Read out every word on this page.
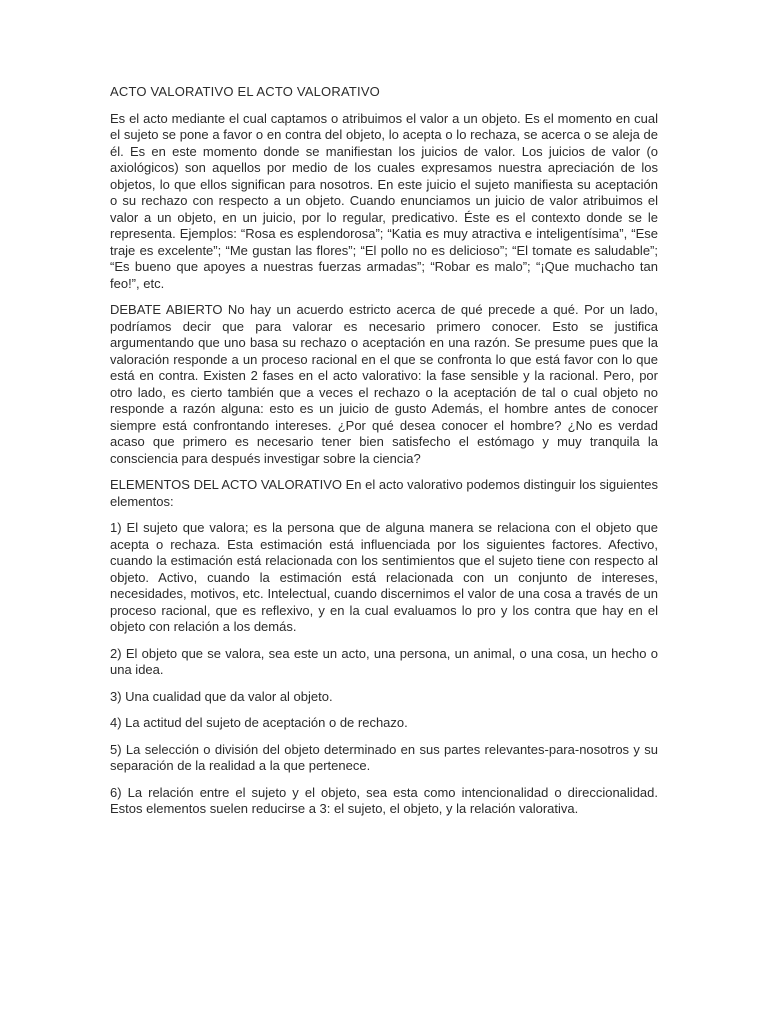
ACTO VALORATIVO EL ACTO VALORATIVO

Es el acto mediante el cual captamos o atribuimos el valor a un objeto. Es el momento en cual el sujeto se pone a favor o en contra del objeto, lo acepta o lo rechaza, se acerca o se aleja de él. Es en este momento donde se manifiestan los juicios de valor. Los juicios de valor (o axiológicos) son aquellos por medio de los cuales expresamos nuestra apreciación de los objetos, lo que ellos significan para nosotros. En este juicio el sujeto manifiesta su aceptación o su rechazo con respecto a un objeto. Cuando enunciamos un juicio de valor atribuimos el valor a un objeto, en un juicio, por lo regular, predicativo. Éste es el contexto donde se le representa. Ejemplos: “Rosa es esplendorosa”; “Katia es muy atractiva e inteligentísima”, “Ese traje es excelente”; “Me gustan las flores”; “El pollo no es delicioso”; “El tomate es saludable”; “Es bueno que apoyes a nuestras fuerzas armadas”; “Robar es malo”; “¡Que muchacho tan feo!”, etc.

DEBATE ABIERTO No hay un acuerdo estricto acerca de qué precede a qué. Por un lado, podríamos decir que para valorar es necesario primero conocer. Esto se justifica argumentando que uno basa su rechazo o aceptación en una razón. Se presume pues que la valoración responde a un proceso racional en el que se confronta lo que está favor con lo que está en contra. Existen 2 fases en el acto valorativo: la fase sensible y la racional. Pero, por otro lado, es cierto también que a veces el rechazo o la aceptación de tal o cual objeto no responde a razón alguna: esto es un juicio de gusto Además, el hombre antes de conocer siempre está confrontando intereses. ¿Por qué desea conocer el hombre? ¿No es verdad acaso que primero es necesario tener bien satisfecho el estómago y muy tranquila la consciencia para después investigar sobre la ciencia?

ELEMENTOS DEL ACTO VALORATIVO En el acto valorativo podemos distinguir los siguientes elementos:

1) El sujeto que valora; es la persona que de alguna manera se relaciona con el objeto que acepta o rechaza. Esta estimación está influenciada por los siguientes factores. Afectivo, cuando la estimación está relacionada con los sentimientos que el sujeto tiene con respecto al objeto. Activo, cuando la estimación está relacionada con un conjunto de intereses, necesidades, motivos, etc. Intelectual, cuando discernimos el valor de una cosa a través de un proceso racional, que es reflexivo, y en la cual evaluamos lo pro y los contra que hay en el objeto con relación a los demás.

2) El objeto que se valora, sea este un acto, una persona, un animal, o una cosa, un hecho o una idea.

3) Una cualidad que da valor al objeto.

4) La actitud del sujeto de aceptación o de rechazo.

5) La selección o división del objeto determinado en sus partes relevantes-para-nosotros y su separación de la realidad a la que pertenece.

6) La relación entre el sujeto y el objeto, sea esta como intencionalidad o direccionalidad. Estos elementos suelen reducirse a 3: el sujeto, el objeto, y la relación valorativa.
